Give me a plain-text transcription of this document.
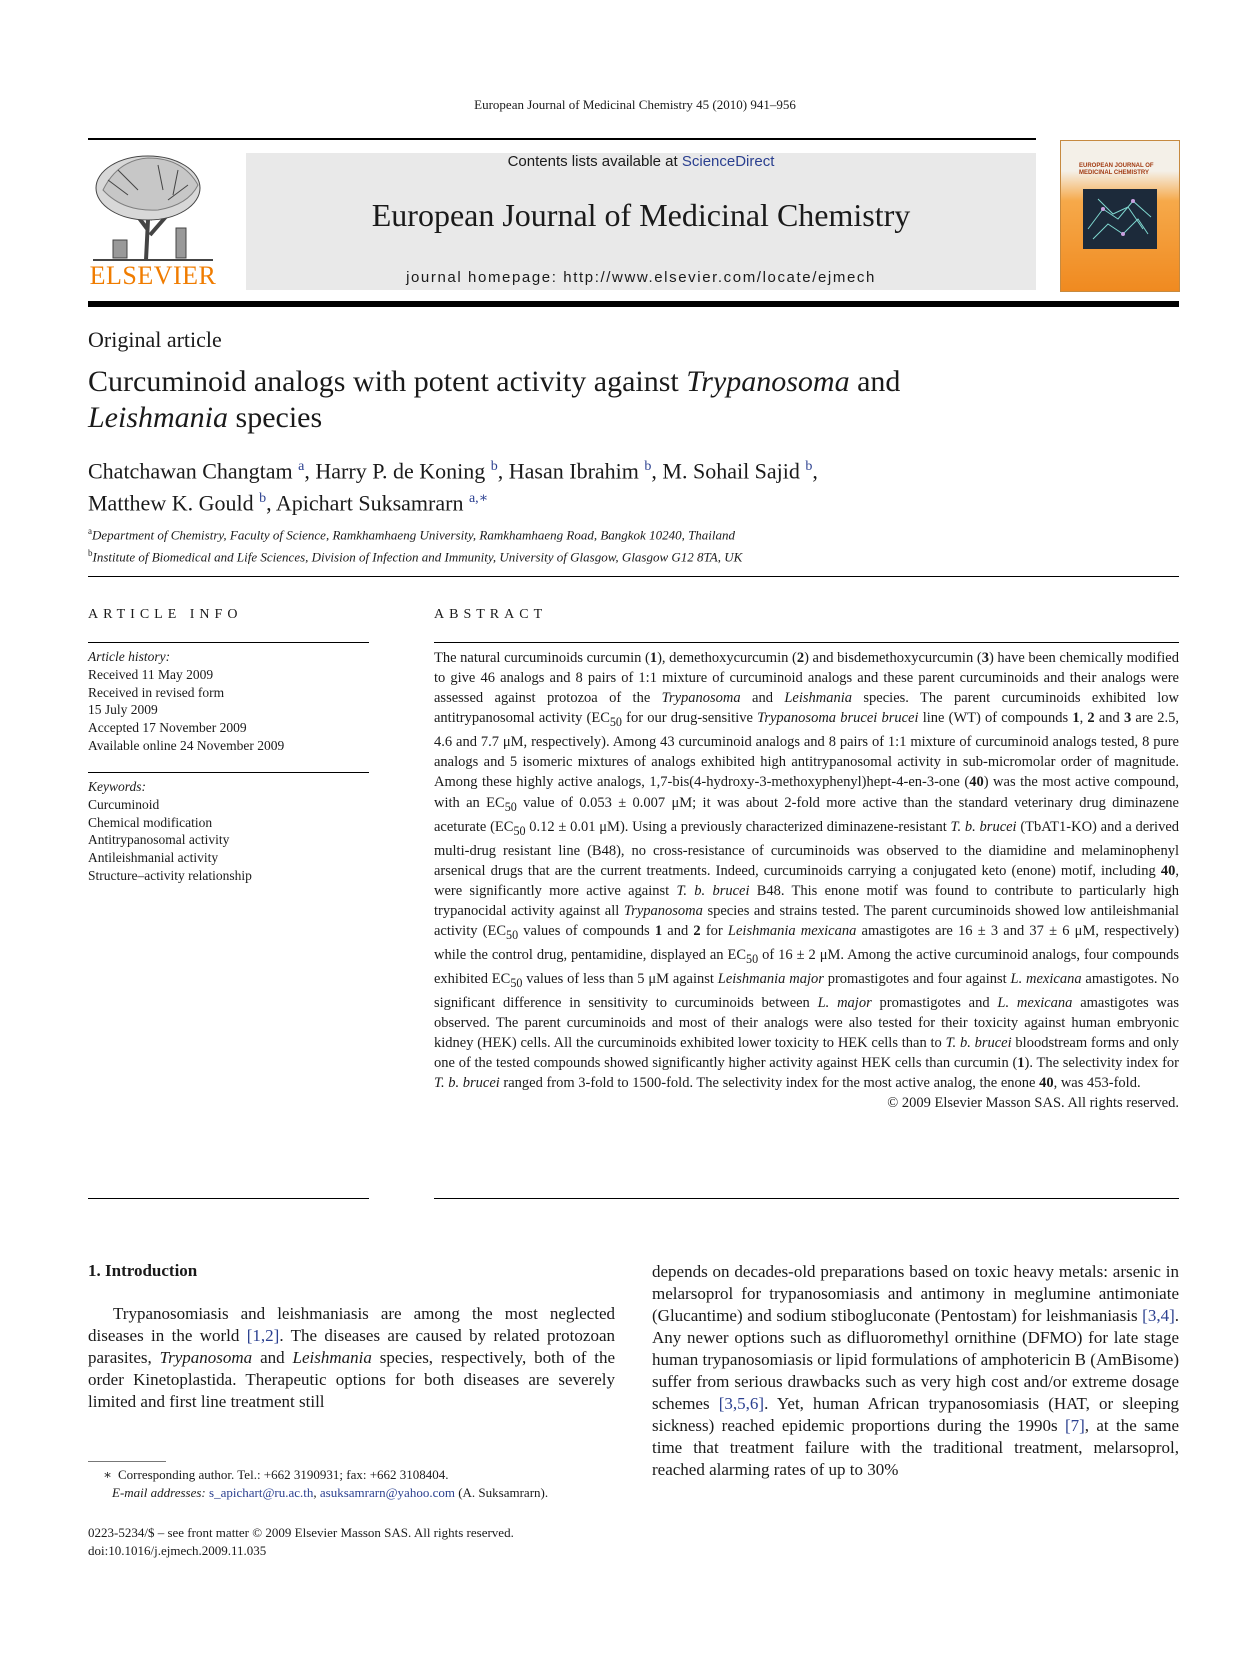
European Journal of Medicinal Chemistry 45 (2010) 941–956
ELSEVIER
Contents lists available at ScienceDirect
European Journal of Medicinal Chemistry
journal homepage: http://www.elsevier.com/locate/ejmech
EUROPEAN JOURNAL OF MEDICINAL CHEMISTRY
Original article
Curcuminoid analogs with potent activity against Trypanosoma and
Leishmania species
Chatchawan Changtam $^a$, Harry P. de Koning $^b$, Hasan Ibrahim $^b$, M. Sohail Sajid $^b$,
Matthew K. Gould $^b$, Apichart Suksamrarn $^{a,∗}$
$^a$Department of Chemistry, Faculty of Science, Ramkhamhaeng University, Ramkhamhaeng Road, Bangkok 10240, Thailand
$^b$Institute of Biomedical and Life Sciences, Division of Infection and Immunity, University of Glasgow, Glasgow G12 8TA, UK
ARTICLE INFO	ABSTRACT
Article history:
Received 11 May 2009
Received in revised form
15 July 2009
Accepted 17 November 2009
Available online 24 November 2009
Keywords:
Curcuminoid
Chemical modification
Antitrypanosomal activity
Antileishmanial activity
Structure–activity relationship

The natural curcuminoids curcumin (1), demethoxycurcumin (2) and bisdemethoxycurcumin (3) have been chemically modified to give 46 analogs and 8 pairs of 1:1 mixture of curcuminoid analogs and these parent curcuminoids and their analogs were assessed against protozoa of the Trypanosoma and Leishmania species. The parent curcuminoids exhibited low antitrypanosomal activity ($EC_{50}$ for our drug-sensitive Trypanosoma brucei brucei line (WT) of compounds 1, 2 and 3 are 2.5, 4.6 and 7.7 μM, respectively). Among 43 curcuminoid analogs and 8 pairs of 1:1 mixture of curcuminoid analogs tested, 8 pure analogs and 5 isomeric mixtures of analogs exhibited high antitrypanosomal activity in sub-micromolar order of magnitude. Among these highly active analogs, 1,7-bis(4-hydroxy-3-methoxyphenyl)hept-4-en-3-one (40) was the most active compound, with an $EC_{50}$ value of 0.053 ± 0.007 μM; it was about 2-fold more active than the standard veterinary drug diminazene aceturate ($EC_{50}$ 0.12 ± 0.01 μM). Using a previously characterized diminazene-resistant T. b. brucei (TbAT1-KO) and a derived multi-drug resistant line (B48), no cross-resistance of curcuminoids was observed to the diamidine and melaminophenyl arsenical drugs that are the current treatments. Indeed, curcuminoids carrying a conjugated keto (enone) motif, including 40, were significantly more active against T. b. brucei B48. This enone motif was found to contribute to particularly high trypanocidal activity against all Trypanosoma species and strains tested. The parent curcuminoids showed low antileishmanial activity ($EC_{50}$ values of compounds 1 and 2 for Leishmania mexicana amastigotes are 16 ± 3 and 37 ± 6 μM, respectively) while the control drug, pentamidine, displayed an $EC_{50}$ of 16 ± 2 μM. Among the active curcuminoid analogs, four compounds exhibited $EC_{50}$ values of less than 5 μM against Leishmania major promastigotes and four against L. mexicana amastigotes. No significant difference in sensitivity to curcuminoids between L. major promastigotes and L. mexicana amastigotes was observed. The parent curcuminoids and most of their analogs were also tested for their toxicity against human embryonic kidney (HEK) cells. All the curcuminoids exhibited lower toxicity to HEK cells than to T. b. brucei bloodstream forms and only one of the tested compounds showed significantly higher activity against HEK cells than curcumin (1). The selectivity index for T. b. brucei ranged from 3-fold to 1500-fold. The selectivity index for the most active analog, the enone 40, was 453-fold.

© 2009 Elsevier Masson SAS. All rights reserved.

1. Introduction
Trypanosomiasis and leishmaniasis are among the most neglected diseases in the world [1,2]. The diseases are caused by related protozoan parasites, Trypanosoma and Leishmania species, respectively, both of the order Kinetoplastida. Therapeutic options for both diseases are severely limited and first line treatment still
depends on decades-old preparations based on toxic heavy metals: arsenic in melarsoprol for trypanosomiasis and antimony in meglumine antimoniate (Glucantime) and sodium stibogluconate (Pentostam) for leishmaniasis [3,4]. Any newer options such as difluoromethyl ornithine (DFMO) for late stage human trypanosomiasis or lipid formulations of amphotericin B (AmBisome) suffer from serious drawbacks such as very high cost and/or extreme dosage schemes [3,5,6]. Yet, human African trypanosomiasis (HAT, or sleeping sickness) reached epidemic proportions during the 1990s [7], at the same time that treatment failure with the traditional treatment, melarsoprol, reached alarming rates of up to 30%
∗ Corresponding author. Tel.: +662 3190931; fax: +662 3108404.
E-mail addresses: s_apichart@ru.ac.th, asuksamrarn@yahoo.com (A. Suksamrarn).
0223-5234/$ – see front matter © 2009 Elsevier Masson SAS. All rights reserved.
doi:10.1016/j.ejmech.2009.11.035
